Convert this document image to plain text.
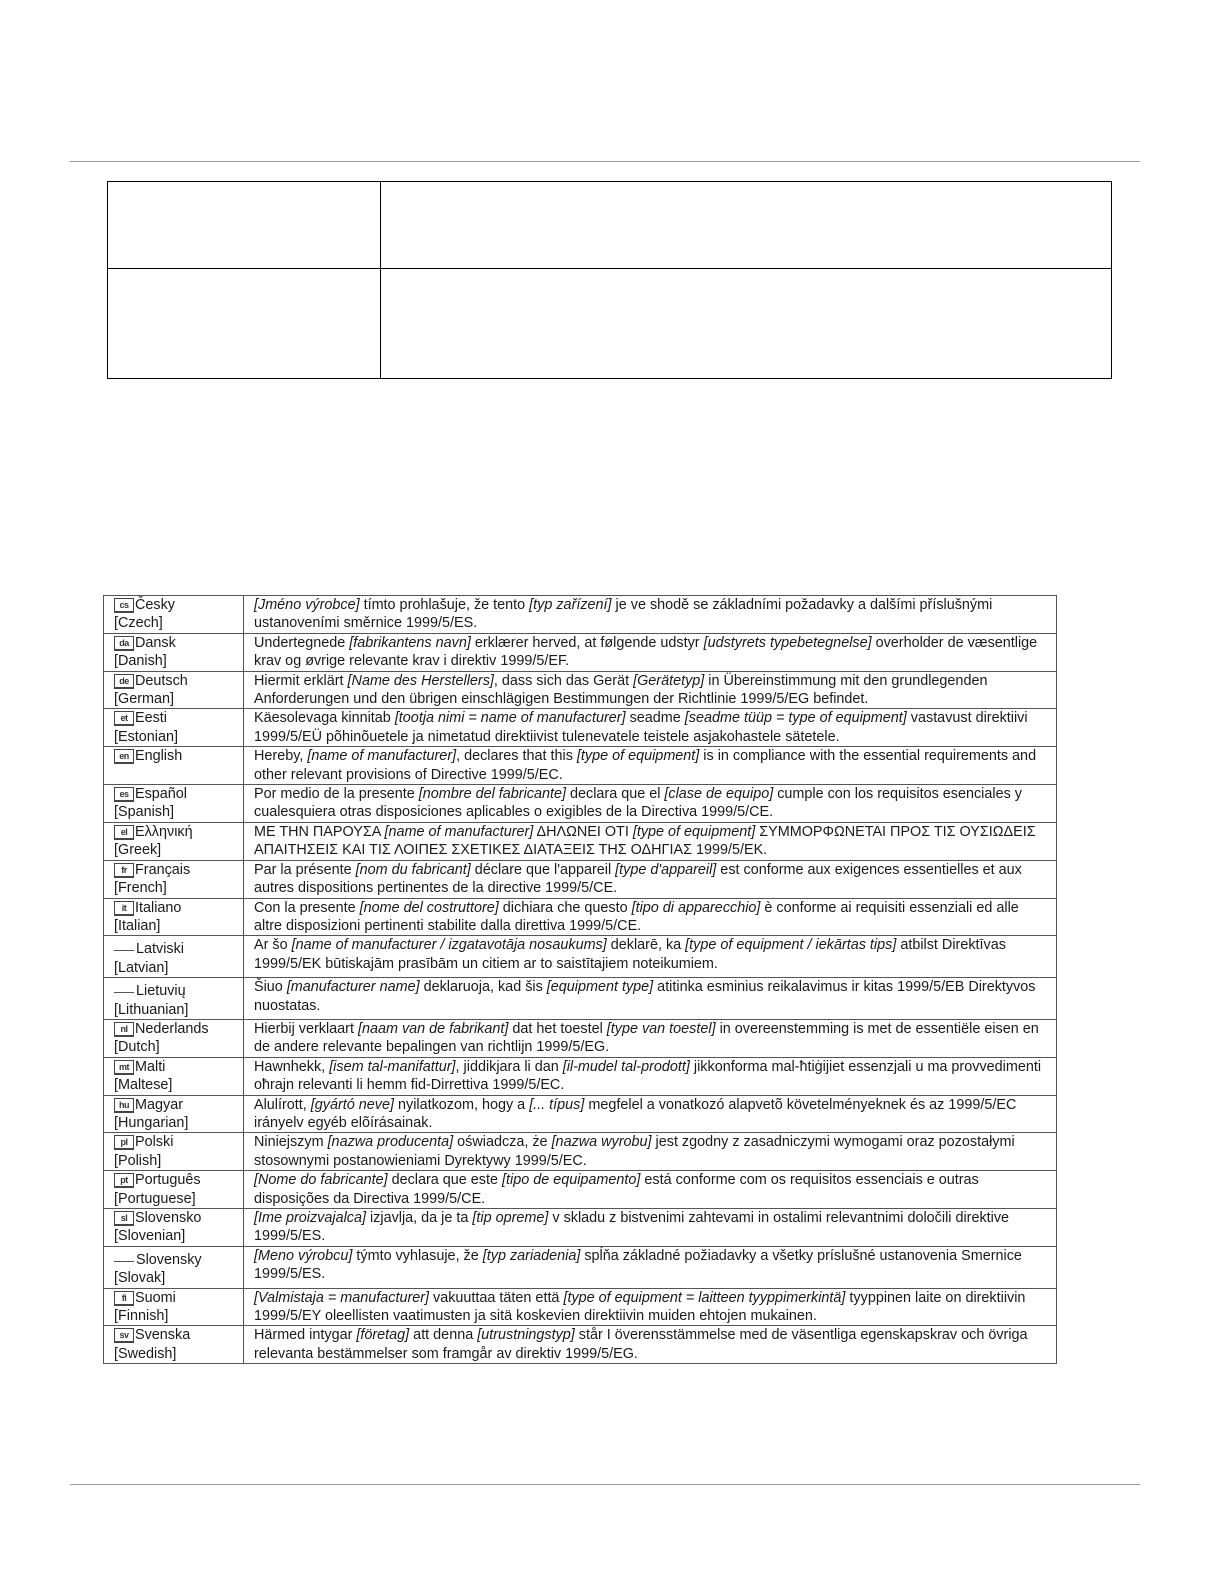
cs Česky
[Czech]	[Jméno výrobce] tímto prohlašuje, že tento [typ zařízení] je ve shodě se základními požadavky a dalšími příslušnými ustanoveními směrnice 1999/5/ES.
da Dansk
[Danish]	Undertegnede [fabrikantens navn] erklærer herved, at følgende udstyr [udstyrets typebetegnelse] overholder de væsentlige krav og øvrige relevante krav i direktiv 1999/5/EF.
de Deutsch
[German]	Hiermit erklärt [Name des Herstellers], dass sich das Gerät [Gerätetyp] in Übereinstimmung mit den grundlegenden Anforderungen und den übrigen einschlägigen Bestimmungen der Richtlinie 1999/5/EG befindet.
et Eesti
[Estonian]	Käesolevaga kinnitab [tootja nimi = name of manufacturer] seadme [seadme tüüp = type of equipment] vastavust direktiivi 1999/5/EÜ põhinõuetele ja nimetatud direktiivist tulenevatele teistele asjakohastele sätetele.
en English	Hereby, [name of manufacturer], declares that this [type of equipment] is in compliance with the essential requirements and other relevant provisions of Directive 1999/5/EC.
es Español
[Spanish]	Por medio de la presente [nombre del fabricante] declara que el [clase de equipo] cumple con los requisitos esenciales y cualesquiera otras disposiciones aplicables o exigibles de la Directiva 1999/5/CE.
el Ελληνική
[Greek]	ΜΕ ΤΗΝ ΠΑΡΟΥΣΑ [name of manufacturer] ΔΗΛΩΝΕΙ ΟΤΙ [type of equipment] ΣΥΜΜΟΡΦΩΝΕΤΑΙ ΠΡΟΣ ΤΙΣ ΟΥΣΙΩΔΕΙΣ ΑΠΑΙΤΗΣΕΙΣ ΚΑΙ ΤΙΣ ΛΟΙΠΕΣ ΣΧΕΤΙΚΕΣ ΔΙΑΤΑΞΕΙΣ ΤΗΣ ΟΔΗΓΙΑΣ 1999/5/ΕΚ.
fr Français
[French]	Par la présente [nom du fabricant] déclare que l'appareil [type d'appareil] est conforme aux exigences essentielles et aux autres dispositions pertinentes de la directive 1999/5/CE.
it Italiano
[Italian]	Con la presente [nome del costruttore] dichiara che questo [tipo di apparecchio] è conforme ai requisiti essenziali ed alle altre disposizioni pertinenti stabilite dalla direttiva 1999/5/CE.
Latviski
[Latvian]	Ar šo [name of manufacturer / izgatavotāja nosaukums] deklarē, ka [type of equipment / iekārtas tips] atbilst Direktīvas 1999/5/EK būtiskajām prasībām un citiem ar to saistītajiem noteikumiem.
Lietuvių
[Lithuanian]	Šiuo [manufacturer name] deklaruoja, kad šis [equipment type] atitinka esminius reikalavimus ir kitas 1999/5/EB Direktyvos nuostatas.
nl Nederlands
[Dutch]	Hierbij verklaart [naam van de fabrikant] dat het toestel [type van toestel] in overeenstemming is met de essentiële eisen en de andere relevante bepalingen van richtlijn 1999/5/EG.
mt Malti
[Maltese]	Hawnhekk, [isem tal-manifattur], jiddikjara li dan [il-mudel tal-prodott] jikkonforma mal-ħtiġijiet essenzjali u ma provvedimenti oħrajn relevanti li hemm fid-Dirrettiva 1999/5/EC.
hu Magyar
[Hungarian]	Alulírott, [gyártó neve] nyilatkozom, hogy a [... típus] megfelel a vonatkozó alapvetõ követelményeknek és az 1999/5/EC irányelv egyéb elõírásainak.
pl Polski
[Polish]	Niniejszym [nazwa producenta] oświadcza, że [nazwa wyrobu] jest zgodny z zasadniczymi wymogami oraz pozostałymi stosownymi postanowieniami Dyrektywy 1999/5/EC.
pt Português
[Portuguese]	[Nome do fabricante] declara que este [tipo de equipamento] está conforme com os requisitos essenciais e outras disposições da Directiva 1999/5/CE.
sl Slovensko
[Slovenian]	[Ime proizvajalca] izjavlja, da je ta [tip opreme] v skladu z bistvenimi zahtevami in ostalimi relevantnimi določili direktive 1999/5/ES.
Slovensky
[Slovak]	[Meno výrobcu] týmto vyhlasuje, že [typ zariadenia] spĺňa základné požiadavky a všetky príslušné ustanovenia Smernice 1999/5/ES.
fi Suomi
[Finnish]	[Valmistaja = manufacturer] vakuuttaa täten että [type of equipment = laitteen tyyppimerkintä] tyyppinen laite on direktiivin 1999/5/EY oleellisten vaatimusten ja sitä koskevien direktiivin muiden ehtojen mukainen.
sv Svenska
[Swedish]	Härmed intygar [företag] att denna [utrustningstyp] står I överensstämmelse med de väsentliga egenskapskrav och övriga relevanta bestämmelser som framgår av direktiv 1999/5/EG.
